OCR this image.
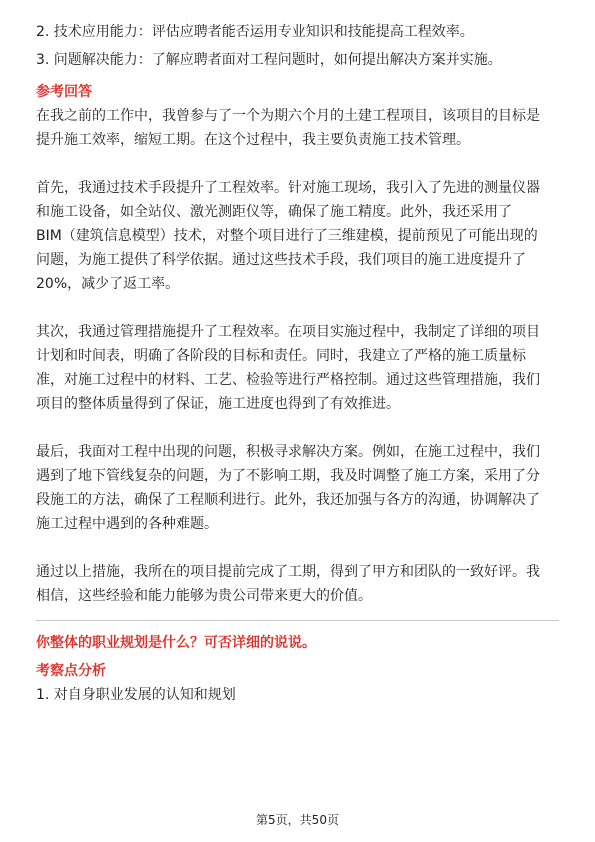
2. 技术应用能力：评估应聘者能否运用专业知识和技能提高工程效率。

3. 问题解决能力：了解应聘者面对工程问题时，如何提出解决方案并实施。

参考回答

在我之前的工作中，我曾参与了一个为期六个月的土建工程项目，该项目的目标是

提升施工效率，缩短工期。在这个过程中，我主要负责施工技术管理。

首先，我通过技术手段提升了工程效率。针对施工现场，我引入了先进的测量仪器

和施工设备，如全站仪、激光测距仪等，确保了施工精度。此外，我还采用了

BIM（建筑信息模型）技术，对整个项目进行了三维建模，提前预见了可能出现的

问题，为施工提供了科学依据。通过这些技术手段，我们项目的施工进度提升了

20%，减少了返工率。

其次，我通过管理措施提升了工程效率。在项目实施过程中，我制定了详细的项目

计划和时间表，明确了各阶段的目标和责任。同时，我建立了严格的施工质量标

准，对施工过程中的材料、工艺、检验等进行严格控制。通过这些管理措施，我们

项目的整体质量得到了保证，施工进度也得到了有效推进。

最后，我面对工程中出现的问题，积极寻求解决方案。例如，在施工过程中，我们

遇到了地下管线复杂的问题，为了不影响工期，我及时调整了施工方案，采用了分

段施工的方法，确保了工程顺利进行。此外，我还加强与各方的沟通，协调解决了

施工过程中遇到的各种难题。

通过以上措施，我所在的项目提前完成了工期，得到了甲方和团队的一致好评。我

相信，这些经验和能力能够为贵公司带来更大的价值。

你整体的职业规划是什么？可否详细的说说。

考察点分析

1. 对自身职业发展的认知和规划

第5页，共50页
